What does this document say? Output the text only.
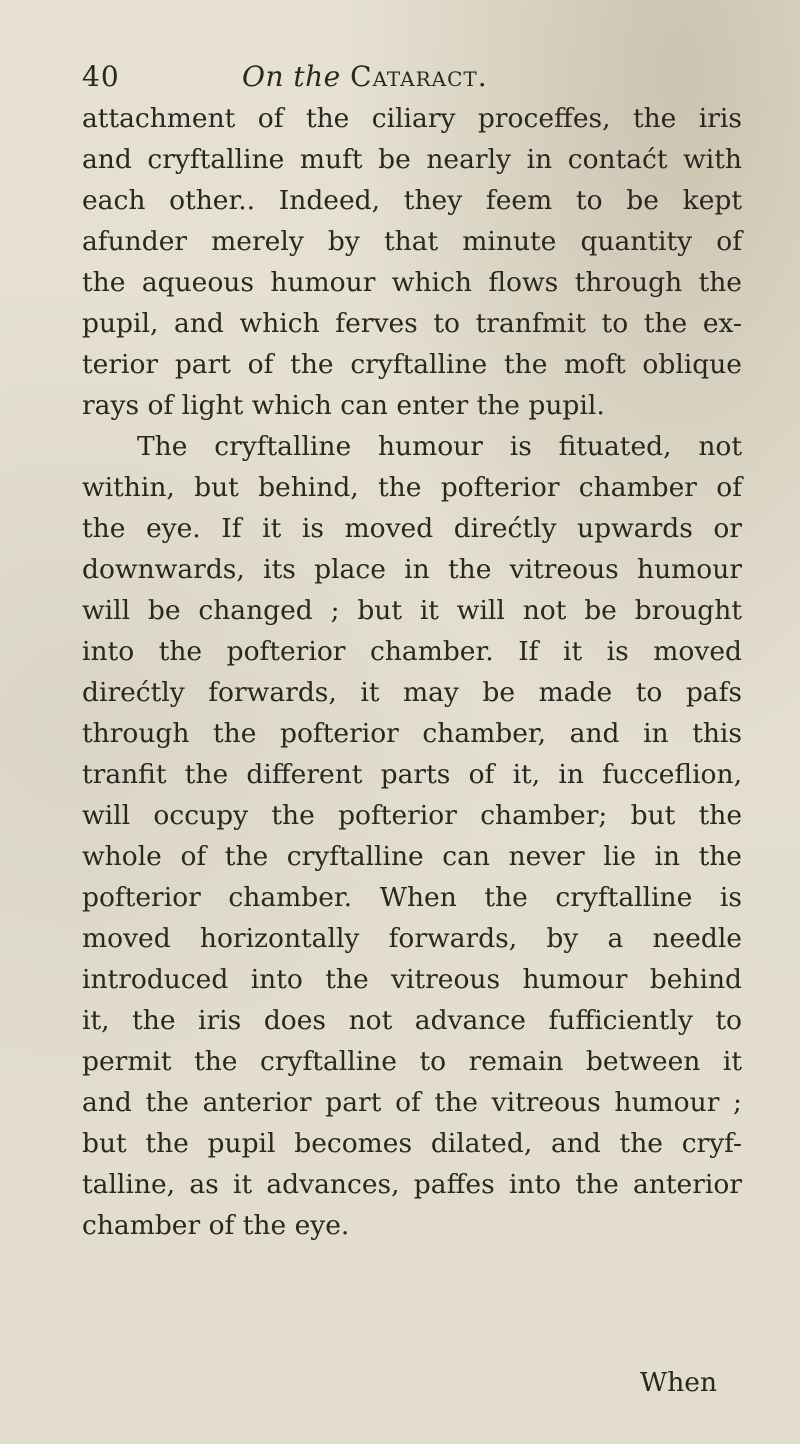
40	On the Cataract.
attachment of the ciliary proceffes, the iris
and cryftalline muft be nearly in contaćt with
each other.. Indeed, they feem to be kept
afunder merely by that minute quantity of
the aqueous humour which flows through the
pupil, and which ferves to tranfmit to the ex-
terior part of the cryftalline the moft oblique
rays of light which can enter the pupil.
The cryftalline humour is fituated, not
within, but behind, the pofterior chamber of
the eye. If it is moved direćtly upwards or
downwards, its place in the vitreous humour
will be changed ; but it will not be brought
into the pofterior chamber. If it is moved
direćtly forwards, it may be made to pafs
through the pofterior chamber, and in this
tranfit the different parts of it, in fucceflion,
will occupy the pofterior chamber; but the
whole of the cryftalline can never lie in the
pofterior chamber. When the cryftalline is
moved horizontally forwards, by a needle
introduced into the vitreous humour behind
it, the iris does not advance fufficiently to
permit the cryftalline to remain between it
and the anterior part of the vitreous humour ;
but the pupil becomes dilated, and the cryf-
talline, as it advances, paffes into the anterior
chamber of the eye.
When
